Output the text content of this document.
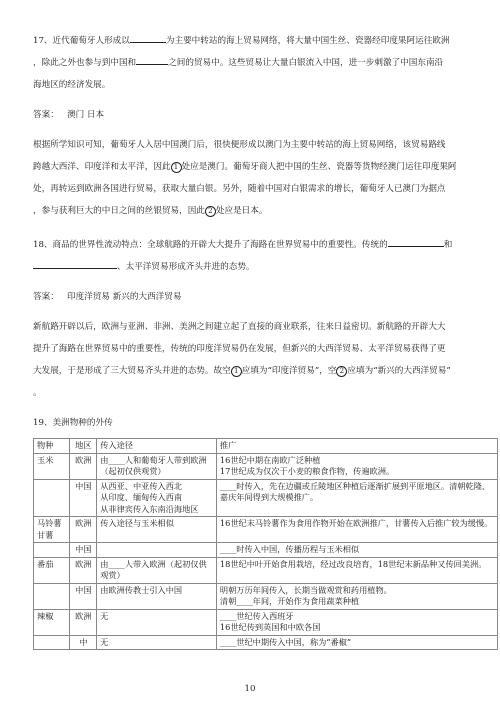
17、近代葡萄牙人形成以	为主要中转站的海上贸易网络，将大量中国生丝、瓷器经印度果阿运往欧洲
，除此之外也参与到中国和	之间的贸易中。这些贸易让大量白银流入中国，进一步刺激了中国东南沿
海地区的经济发展。
答案： 澳门 日本
根据所学知识可知，葡萄牙人入居中国澳门后，很快便形成以澳门为主要中转站的海上贸易网络，该贸易路线
跨越大西洋、印度洋和太平洋，因此 1 处应是澳门。葡萄牙商人把中国的生丝、瓷器等货物经澳门运往印度果阿
处，再转运到欧洲各国进行贸易，获取大量白银。另外，随着中国对白银需求的增长，葡萄牙人已澳门为据点
，参与获利巨大的中日之间的丝银贸易，因此 2 处应是日本。
18、商品的世界性流动特点：全球航路的开辟大大提升了海路在世界贸易中的重要性。传统的	和
、太平洋贸易形成齐头并进的态势。
答案： 印度洋贸易 新兴的大西洋贸易
新航路开辟以后，欧洲与亚洲、非洲、美洲之间建立起了直接的商业联系，往来日益密切。新航路的开辟大大
提升了海路在世界贸易中的重要性，传统的印度洋贸易仍在发展，但新兴的大西洋贸易、太平洋贸易获得了更
大发展，于是形成了三大贸易齐头并进的态势。故空 1 应填为“印度洋贸易”，空 2 应填为“新兴的大西洋贸易”
。
19、美洲物种的外传
物种	地区	传入途径	推广
玉米	欧洲	由____人和葡萄牙人带到欧洲（起初仅供观赏）	16世纪中期在南欧广泛种植
17世纪成为仅次于小麦的粮食作物，传遍欧洲。
	中国	从西亚、中亚传入西北
从印度、缅甸传入西南
从菲律宾传入东南沿海地区	____时传入，先在边疆或丘陵地区种植后逐渐扩展到平原地区。清朝乾隆、嘉庆年间得到大规模推广。
马铃薯甘薯	欧洲	传入途径与玉米相似	16世纪末马铃薯作为食用作物开始在欧洲推广，甘薯传入后推广较为缓慢。
	中国		____时传入中国，传播历程与玉米相似
番茄	欧洲	由____人带入欧洲（起初仅供观赏）	18世纪中叶开始食用栽培，经过改良培育，18世纪末新品种又传回美洲。
	中国	由欧洲传教士引入中国	明朝万历年间传入，长期当做观赏和药用植物。
清朝____年间，开始作为食用蔬菜种植
辣椒	欧洲	无	____世纪传入西班牙
16世纪传到英国和中欧各国
	中	无	____世纪中期传入中国，称为“番椒”
10
